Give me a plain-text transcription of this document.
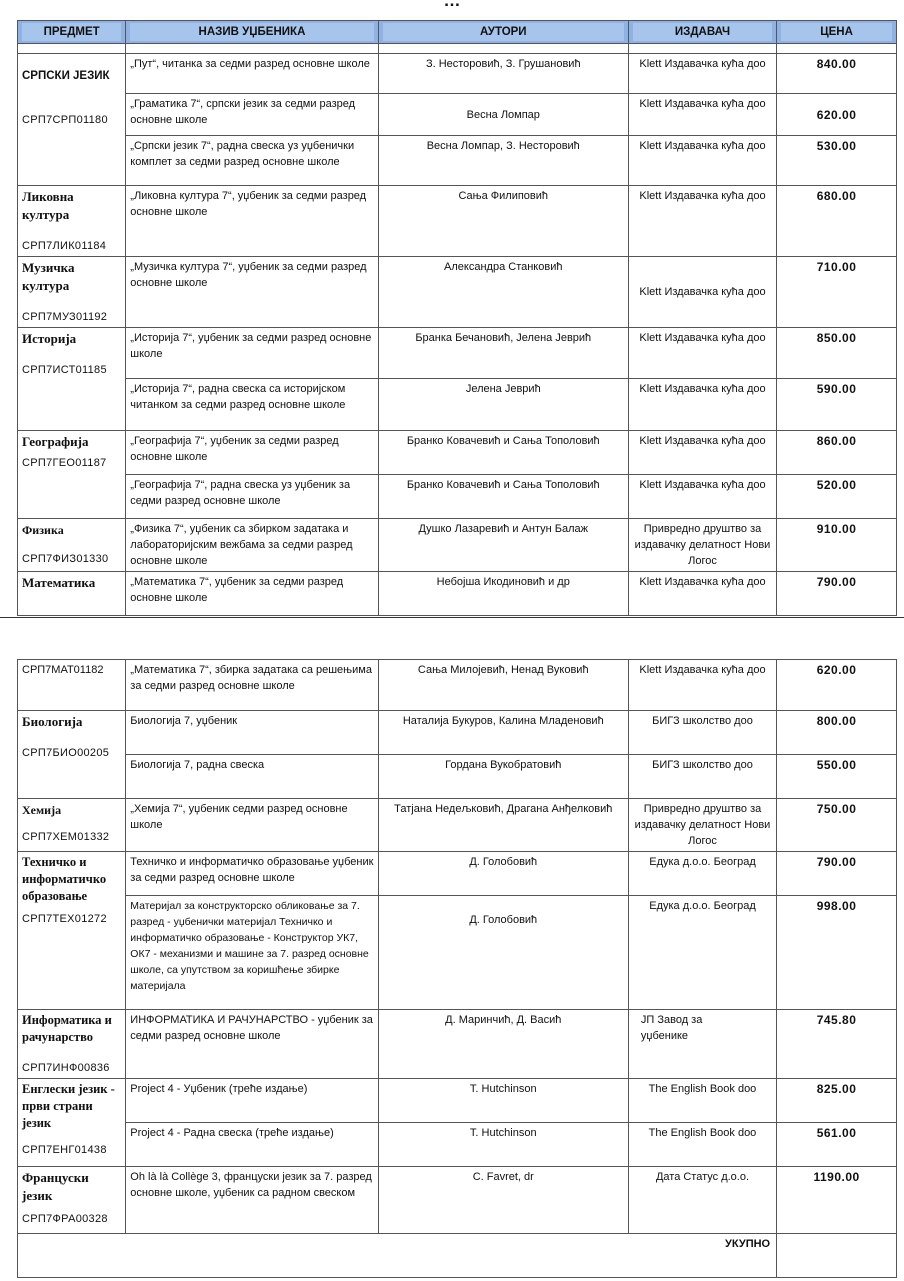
…
ПРЕДМЕТ	НАЗИВ УЏБЕНИКА	АУТОРИ	ИЗДАВАЧ	ЦЕНА

СРПСКИ ЈЕЗИК
СРП7СРП01180	„Пут“, читанка за седми разред основне школе	З. Несторовић, З. Грушановић	Klett Издавачка кућа доо	840.00
	„Граматика 7“, српски језик за седми разред основне школе	Весна Ломпар	Klett Издавачка кућа доо	620.00
	„Српски језик 7“, радна свеска уз уџбенички комплет за седми разред основне школе	Весна Ломпар, З. Несторовић	Klett Издавачка кућа доо	530.00

Ликовна култура
СРП7ЛИК01184	„Ликовна култура 7“, уџбеник за седми разред основне школе	Сања Филиповић	Klett Издавачка кућа доо	680.00

Музичка култура
СРП7МУЗ01192	„Музичка култура 7“, уџбеник за седми разред основне школе	Александра Станковић	Klett Издавачка кућа доо	710.00

Историја
СРП7ИСТ01185	„Историја 7“, уџбеник за седми разред основне школе	Бранка Бечановић, Јелена Јеврић	Klett Издавачка кућа доо	850.00
	„Историја 7“, радна свеска са историјском читанком за седми разред основне школе	Јелена Јеврић	Klett Издавачка кућа доо	590.00

Географија
СРП7ГЕО01187	„Географија 7“, уџбеник за седми разред основне школе	Бранко Ковачевић и Сања Тополовић	Klett Издавачка кућа доо	860.00
	„Географија 7“, радна свеска уз уџбеник за седми разред основне школе	Бранко Ковачевић и Сања Тополовић	Klett Издавачка кућа доо	520.00

Физика
СРП7ФИЗ01330	„Физика 7“, уџбеник са збирком задатака и лабораторијским вежбама за седми разред основне школе	Душко Лазаревић и Антун Балаж	Привредно друштво за издавачку делатност Нови Логос	910.00

Математика	„Математика 7“, уџбеник за седми разред основне школе	Небојша Икодиновић и др	Klett Издавачка кућа доо	790.00
СРП7МАТ01182	„Математика 7“, збирка задатака са решењима за седми разред основне школе	Сања Милојевић, Ненад Вуковић	Klett Издавачка кућа доо	620.00

Биологија
СРП7БИО00205	Биологија 7, уџбеник	Наталија Букуров, Калина Младеновић	БИГЗ школство доо	800.00
	Биологија 7, радна свеска	Гордана Вукобратовић	БИГЗ школство доо	550.00

Хемија
СРП7ХЕМ01332	„Хемија 7“, уџбеник седми разред основне школе	Татјана Недељковић, Драгана Анђелковић	Привредно друштво за издавачку делатност Нови Логос	750.00

Техничко и информатичко образовање
СРП7ТЕХ01272	Техничко и информатичко образовање уџбеник за седми разред основне школе	Д. Голобовић	Едука д.о.о. Београд	790.00
	Материјал за конструкторско обликовање за 7. разред - уџбенички материјал Техничко и информатичко образовање - Конструктор УК7, ОК7 - механизми и машине за 7. разред основне школе, са упутством за коришћење збирке материјала	Д. Голобовић	Едука д.о.о. Београд	998.00

Информатика и рачунарство
СРП7ИНФ00836	ИНФОРМАТИКА И РАЧУНАРСТВО - уџбеник за седми разред основне школе	Д. Маринчић, Д. Васић	ЈП Завод за уџбенике	745.80

Енглески језик - први страни језик
СРП7ЕНГ01438	Project 4 - Уџбеник (треће издање)	T. Hutchinson	The English Book doo	825.00
	Project 4 - Радна свеска (треће издање)	T. Hutchinson	The English Book doo	561.00

Француски језик
СРП7ФРА00328	Oh là là Collège 3, француски језик за 7. разред основне школе, уџбеник са радном свеском	C. Favret, dr	Дата Статус д.о.о.	1190.00
УКУПНО				
